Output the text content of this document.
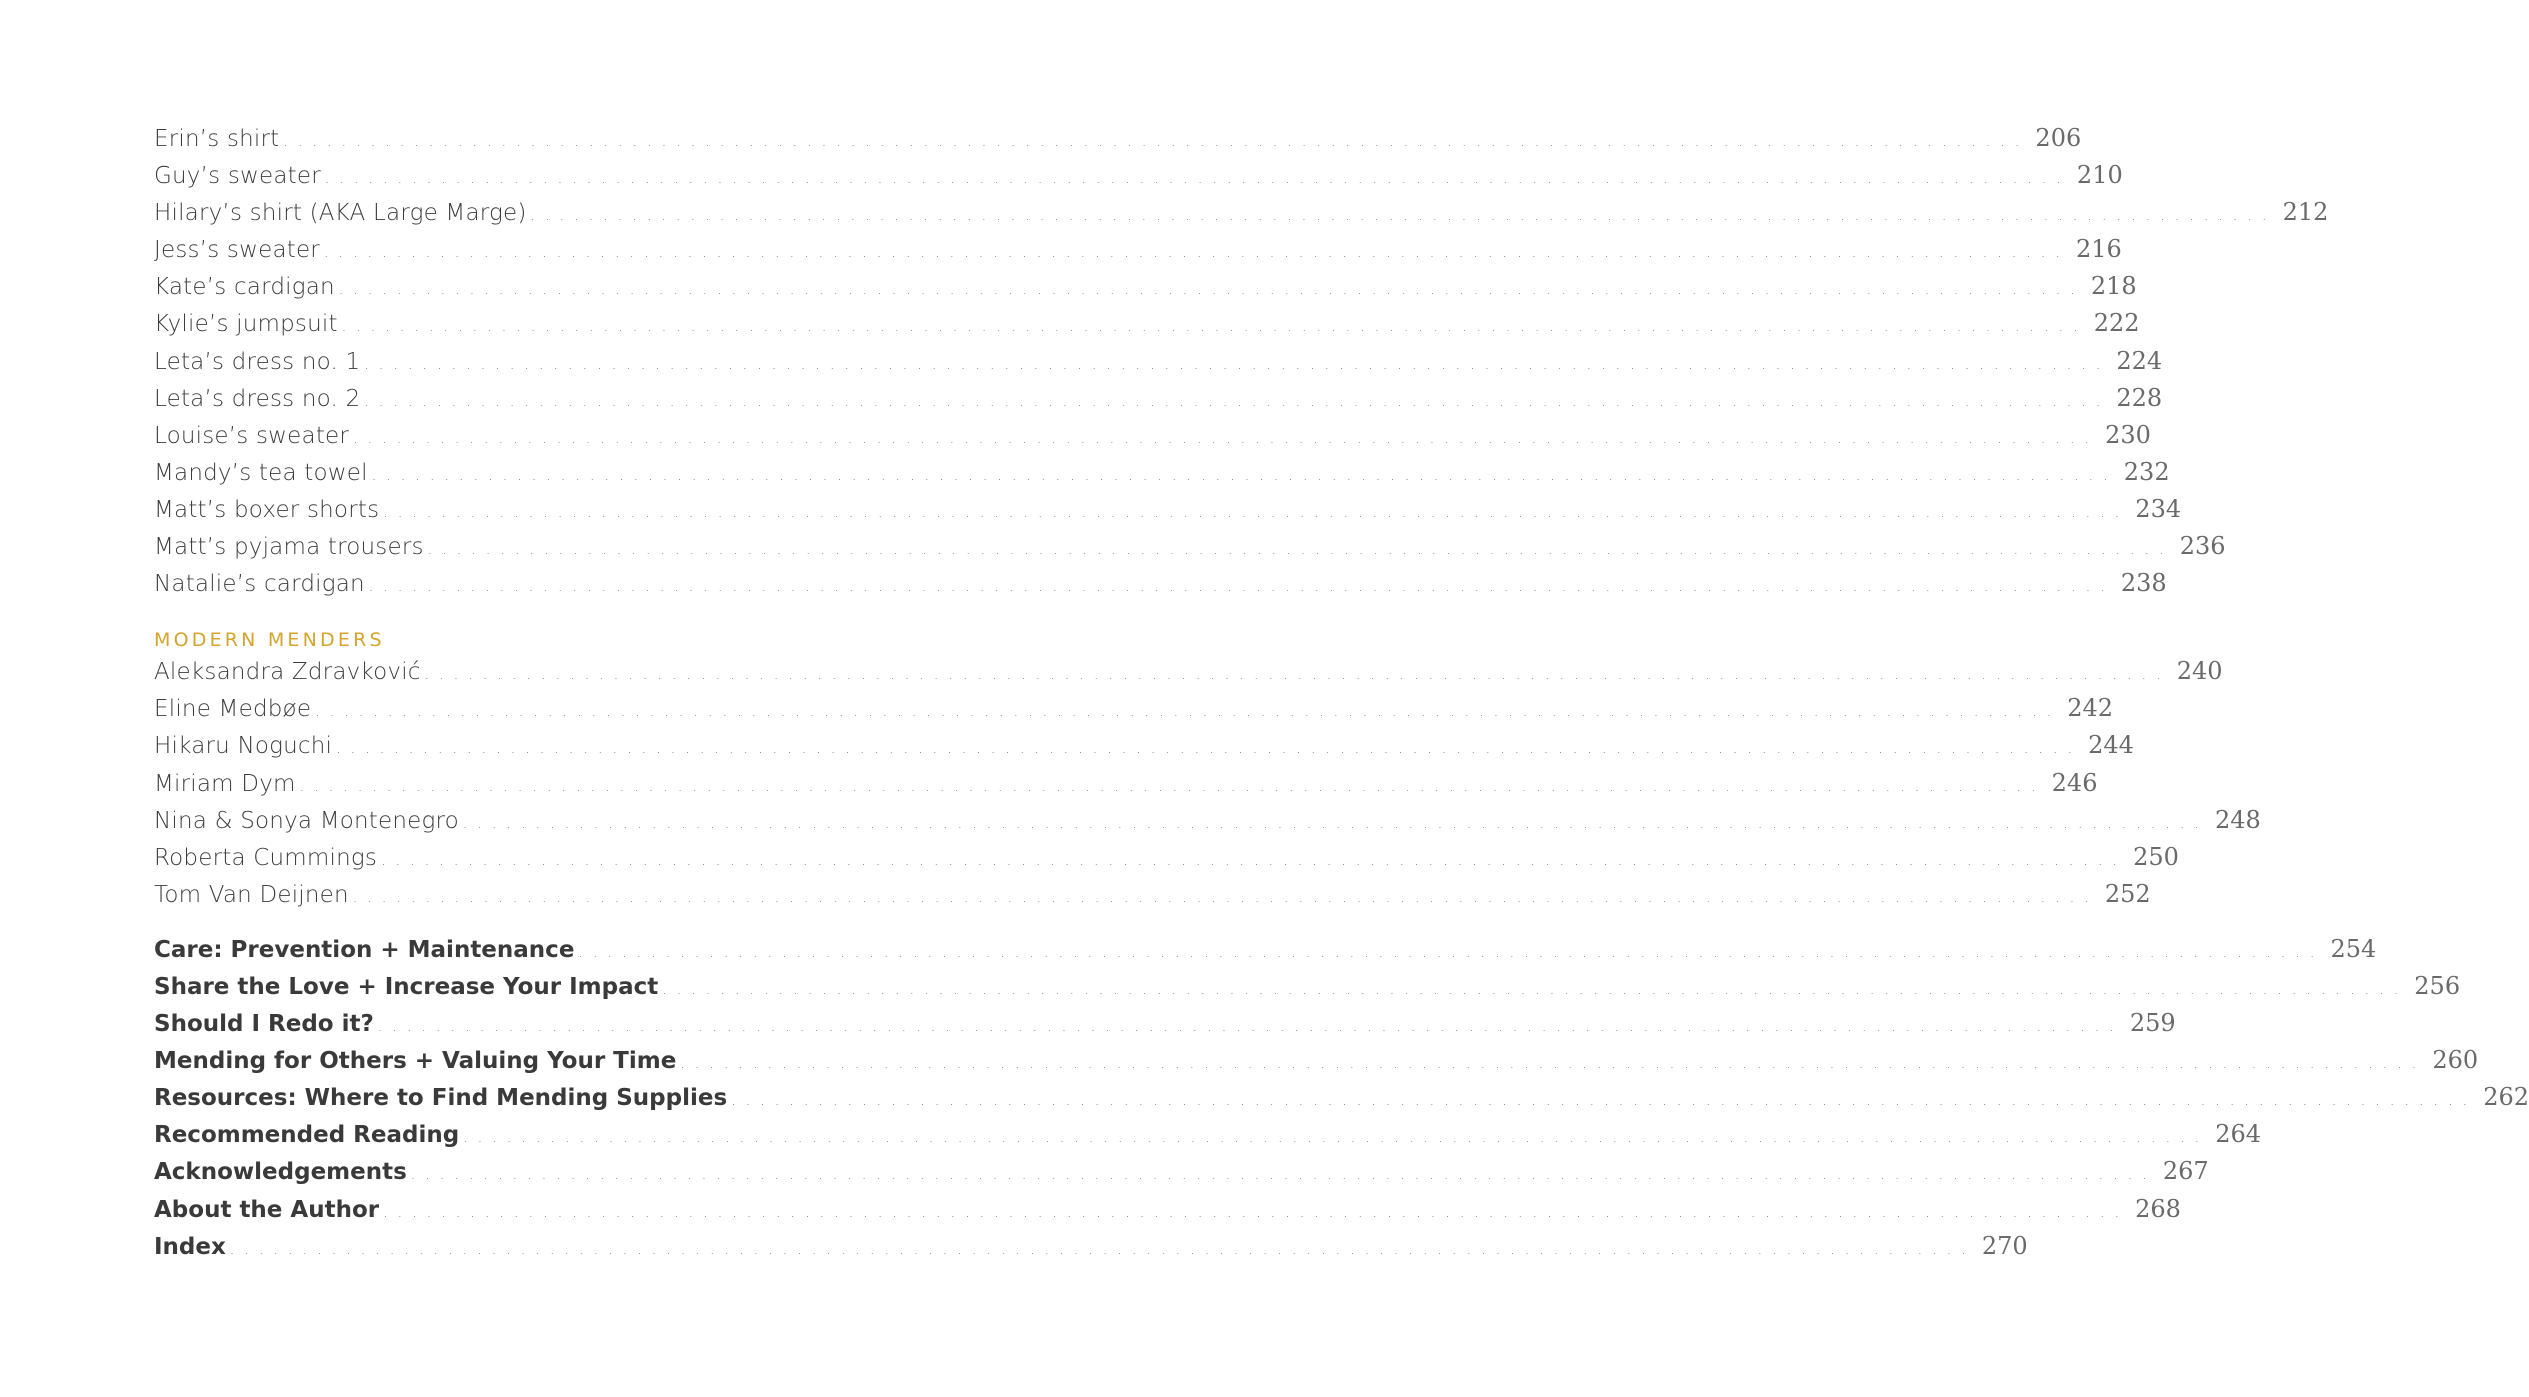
Erin’s shirt ........................................................................................................................ 206
Guy’s sweater ........................................................................................................................ 210
Hilary’s shirt (AKA Large Marge) ........................................................................................................................ 212
Jess’s sweater ........................................................................................................................ 216
Kate’s cardigan ........................................................................................................................ 218
Kylie’s jumpsuit ........................................................................................................................ 222
Leta’s dress no. 1 ........................................................................................................................ 224
Leta’s dress no. 2 ........................................................................................................................ 228
Louise’s sweater ........................................................................................................................ 230
Mandy’s tea towel ........................................................................................................................ 232
Matt’s boxer shorts ........................................................................................................................ 234
Matt’s pyjama trousers ........................................................................................................................ 236
Natalie’s cardigan ........................................................................................................................ 238
MODERN MENDERS
Aleksandra Zdravković ........................................................................................................................ 240
Eline Medbøe ........................................................................................................................ 242
Hikaru Noguchi ........................................................................................................................ 244
Miriam Dym ........................................................................................................................ 246
Nina & Sonya Montenegro ........................................................................................................................ 248
Roberta Cummings ........................................................................................................................ 250
Tom Van Deijnen ........................................................................................................................ 252
Care: Prevention + Maintenance ........................................................................................................................ 254
Share the Love + Increase Your Impact ........................................................................................................................ 256
Should I Redo it? ........................................................................................................................ 259
Mending for Others + Valuing Your Time ........................................................................................................................ 260
Resources: Where to Find Mending Supplies ........................................................................................................................ 262
Recommended Reading ........................................................................................................................ 264
Acknowledgements ........................................................................................................................ 267
About the Author ........................................................................................................................ 268
Index ........................................................................................................................ 270
